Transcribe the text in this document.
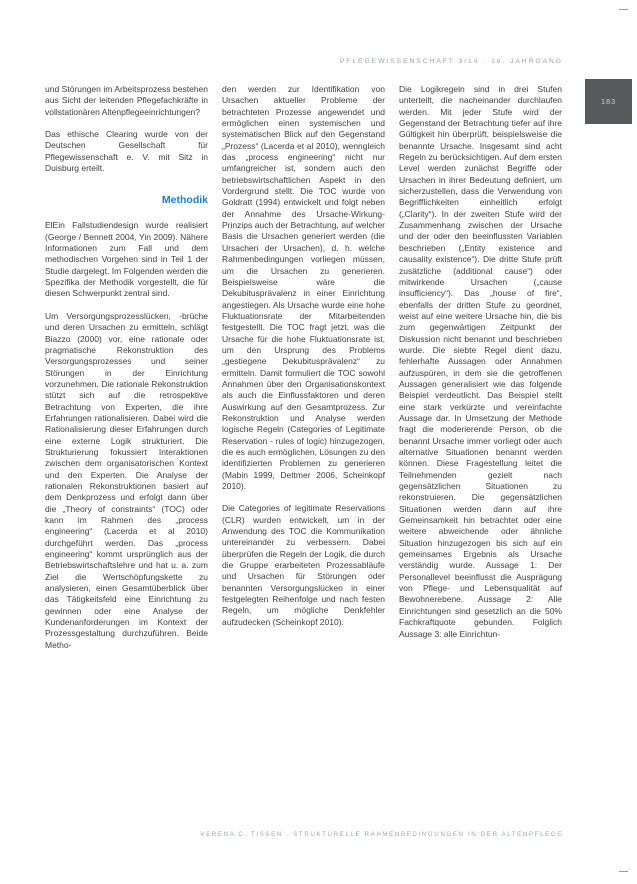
PFLEGEWISSENSCHAFT 3/14 · 16. JAHRGANG
183

und Störungen im Arbeitsprozess bestehen aus Sicht der leitenden Pflegefachkräfte in vollstationären Altenpflegeeinrichtungen?

Das ethische Clearing wurde von der Deutschen Gesellschaft für Pflegewissenschaft e. V. mit Sitz in Duisburg erteilt.

Methodik

ElEin Fallstudiendesign wurde realisiert (George / Bennett 2004, Yin 2009). Nähere Informationen zum Fall und dem methodischen Vorgehen sind in Teil 1 der Studie dargelegt. Im Folgenden werden die Spezifika der Methodik vorgestellt, die für diesen Schwerpunkt zentral sind.

Um Versorgungsprozesslücken, -brüche und deren Ursachen zu ermitteln, schlägt Biazzo (2000) vor, eine rationale oder pragmatische Rekonstruktion des Versorgungsprozesses und seiner Störungen in der Einrichtung vorzunehmen. Die rationale Rekonstruktion stützt sich auf die retrospektive Betrachtung von Experten, die ihre Erfahrungen rationalisieren. Dabei wird die Rationalisierung dieser Erfahrungen durch eine externe Logik strukturiert. Die Strukturierung fokussiert Interaktionen zwischen dem organisatorischen Kontext und den Experten. Die Analyse der rationalen Rekonstruktionen basiert auf dem Denkprozess und erfolgt dann über die „Theory of constraints“ (TOC) oder kann im Rahmen des „process engineering“ (Lacerda et al 2010) durchgeführt werden. Das „process engineering“ kommt ursprünglich aus der Betriebswirtschaftslehre und hat u. a. zum Ziel die Wertschöpfungskette zu analysieren, einen Gesamtüberblick über das Tätigkeitsfeld eine Einrichtung zu gewinnen oder eine Analyse der Kundenanforderungen im Kontext der Prozessgestaltung durchzuführen. Beide Metho-

den werden zur Identifikation von Ursachen aktueller Probleme der betrachteten Prozesse angewendet und ermöglichen einen systemischen und systematischen Blick auf den Gegenstand „Prozess“ (Lacerda et al 2010), wenngleich das „process engineering“ nicht nur umfangreicher ist, sondern auch den betriebswirtschaftlichen Aspekt in den Vordergrund stellt. Die TOC wurde von Goldratt (1994) entwickelt und folgt neben der Annahme des Ursache-Wirkung-Prinzips auch der Betrachtung, auf welcher Basis die Ursachen generiert werden (die Ursachen der Ursachen), d. h. welche Rahmenbedingungen vorliegen müssen, um die Ursachen zu generieren. Beispielsweise wäre die Dekubitusprävalenz in einer Einrichtung angestiegen. Als Ursache wurde eine hohe Fluktuationsrate der Mitarbeitenden festgestellt. Die TOC fragt jetzt, was die Ursache für die hohe Fluktuationsrate ist, um den Ursprung des Problems „gestiegene Dekubitusprävalenz“ zu ermitteln. Damit formuliert die TOC sowohl Annahmen über den Organisationskontext als auch die Einflussfaktoren und deren Auswirkung auf den Gesamtprozess. Zur Rekonstruktion und Analyse werden logische Regeln (Categories of Legitimate Reservation - rules of logic) hinzugezogen, die es auch ermöglichen, Lösungen zu den identifizierten Problemen zu generieren (Mabin 1999, Dettmer 2006, Scheinkopf 2010).

Die Categories of legitimate Reservations (CLR) wurden entwickelt, um in der Anwendung des TOC die Kommunikation untereinander zu verbessern. Dabei überprüfen die Regeln der Logik, die durch die Gruppe erarbeiteten Prozessabläufe und Ursachen für Störungen oder benannten Versorgungslücken in einer festgelegten Reihenfolge und nach festen Regeln, um mögliche Denkfehler aufzudecken (Scheinkopf 2010).

Die Logikregeln sind in drei Stufen unterteilt, die nacheinander durchlaufen werden. Mit jeder Stufe wird der Gegenstand der Betrachtung tiefer auf ihre Gültigkeit hin überprüft, beispielsweise die benannte Ursache. Insgesamt sind acht Regeln zu berücksichtigen. Auf dem ersten Level werden zunächst Begriffe oder Ursachen in ihrer Bedeutung definiert, um sicherzustellen, dass die Verwendung von Begrifflichkeiten einheitlich erfolgt („Clarity“). In der zweiten Stufe wird der Zusammenhang zwischen der Ursache und der oder den beeinflussten Variablen beschrieben („Entity existence and causality existence“). Die dritte Stufe prüft zusätzliche (additional cause“) oder mitwirkende Ursachen („cause insufficiency“). Das „house of fire“, ebenfalls der dritten Stufe zu geordnet, weist auf eine weitere Ursache hin, die bis zum gegenwärtigen Zeitpunkt der Diskussion nicht benannt und beschrieben wurde. Die siebte Regel dient dazu, fehlerhafte Aussagen oder Annahmen aufzuspüren, in dem sie die getroffenen Aussagen generalisiert wie das folgende Beispiel verdeutlicht. Das Beispiel stellt eine stark verkürzte und vereinfachte Aussage dar. In Umsetzung der Methode fragt die moderierende Person, ob die benannt Ursache immer vorliegt oder auch alternative Situationen benannt werden können. Diese Fragestellung leitet die Teilnehmenden gezielt nach gegensätzlichen Situationen zu rekonstruieren. Die gegensätzlichen Situationen werden dann auf ihre Gemeinsamkeit hin betrachtet oder eine weitere abweichende oder ähnliche Situation hinzugezogen bis sich auf ein gemeinsames Ergebnis als Ursache verständig wurde. Aussage 1: Der Personallevel beeinflusst die Ausprägung von Pflege- und Lebensqualität auf Bewohnerebene. Aussage 2: Alle Einrichtungen sind gesetzlich an die 50% Fachkraftquote gebunden. Folglich Aussage 3: alle Einrichtun-

VERENA C. TISSEN · STRUKTURELLE RAHMENBEDINGUNGEN IN DER ALTENPFLEGE
